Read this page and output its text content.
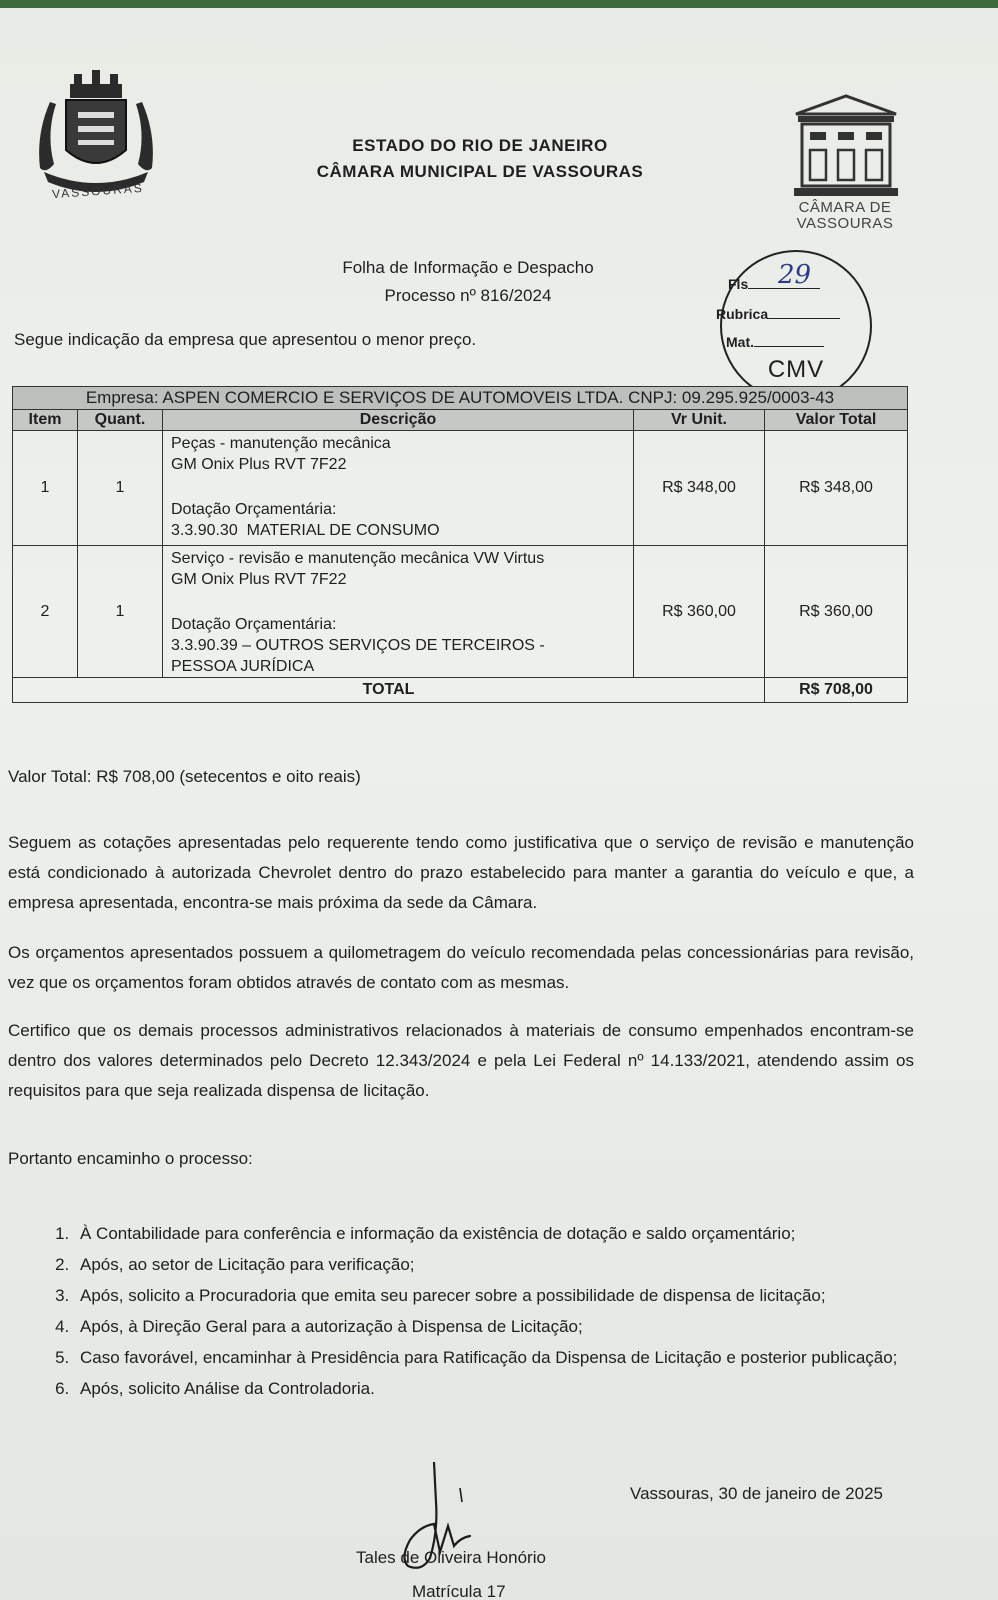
VASSOURAS
ESTADO DO RIO DE JANEIRO
CÂMARA MUNICIPAL DE VASSOURAS
CÂMARA DE
VASSOURAS
Folha de Informação e Despacho
Processo nº 816/2024
Fls	29
Rubrica
Mat.
CMV
Segue indicação da empresa que apresentou o menor preço.
Empresa: ASPEN COMERCIO E SERVIÇOS DE AUTOMOVEIS LTDA. CNPJ: 09.295.925/0003-43				
Item	Quant.	Descrição	Vr Unit.	Valor Total
1	1	Peças - manutenção mecânica
GM Onix Plus RVT 7F22
Dotação Orçamentária:
3.3.90.30  MATERIAL DE CONSUMO	R$ 348,00	R$ 348,00
2	1	Serviço - revisão e manutenção mecânica VW Virtus
GM Onix Plus RVT 7F22
Dotação Orçamentária:
3.3.90.39 – OUTROS SERVIÇOS DE TERCEIROS -
PESSOA JURÍDICA	R$ 360,00	R$ 360,00
TOTAL				R$ 708,00
Valor Total: R$ 708,00 (setecentos e oito reais)
Seguem as cotações apresentadas pelo requerente tendo como justificativa que o serviço de revisão e manutenção está condicionado à autorizada Chevrolet dentro do prazo estabelecido para manter a garantia do veículo e que, a empresa apresentada, encontra-se mais próxima da sede da Câmara.
Os orçamentos apresentados possuem a quilometragem do veículo recomendada pelas concessionárias para revisão, vez que os orçamentos foram obtidos através de contato com as mesmas.
Certifico que os demais processos administrativos relacionados à materiais de consumo empenhados encontram-se dentro dos valores determinados pelo Decreto 12.343/2024 e pela Lei Federal nº 14.133/2021, atendendo assim os requisitos para que seja realizada dispensa de licitação.
Portanto encaminho o processo:
1. À Contabilidade para conferência e informação da existência de dotação e saldo orçamentário;
2. Após, ao setor de Licitação para verificação;
3. Após, solicito a Procuradoria que emita seu parecer sobre a possibilidade de dispensa de licitação;
4. Após, à Direção Geral para a autorização à Dispensa de Licitação;
5. Caso favorável, encaminhar à Presidência para Ratificação da Dispensa de Licitação e posterior publicação;
6. Após, solicito Análise da Controladoria.
Vassouras, 30 de janeiro de 2025
Tales de Oliveira Honório
Matrícula 17
